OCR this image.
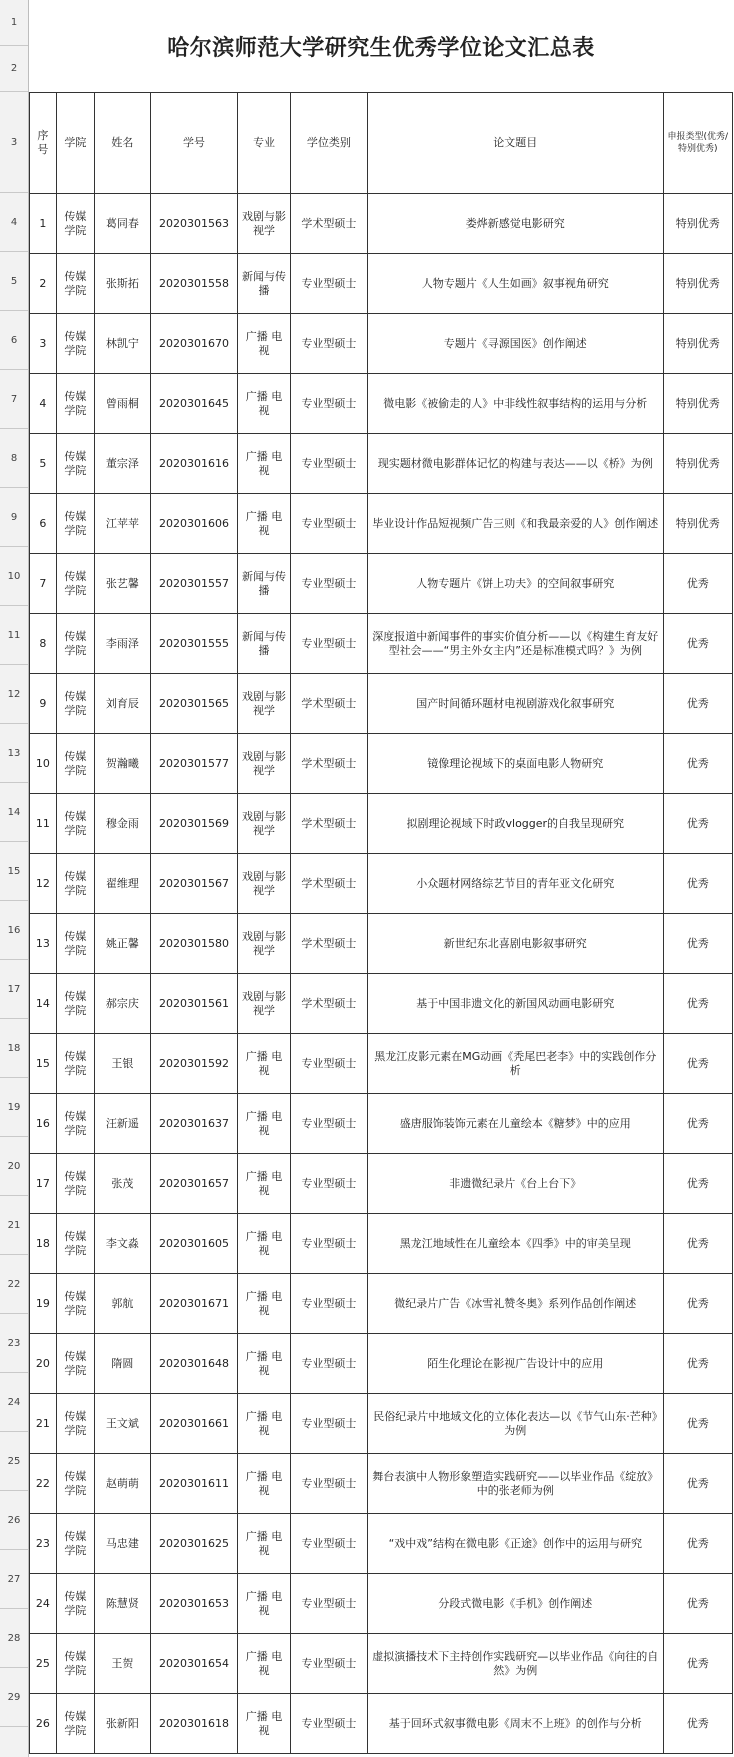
1
2
3
4
5
6
7
8
9
10
11
12
13
14
15
16
17
18
19
20
21
22
23
24
25
26
27
28
29
哈尔滨师范大学研究生优秀学位论文汇总表
序号	学院	姓名	学号	专业	学位类别	论文题目	申报类型(优秀/特别优秀)
1	传媒学院	葛同春	2020301563	戏剧与影视学	学术型硕士	娄烨新感觉电影研究	特别优秀
2	传媒学院	张斯拓	2020301558	新闻与传播	专业型硕士	人物专题片《人生如画》叙事视角研究	特别优秀
3	传媒学院	林凯宁	2020301670	广播 电视	专业型硕士	专题片《寻源国医》创作阐述	特别优秀
4	传媒学院	曾雨桐	2020301645	广播 电视	专业型硕士	微电影《被偷走的人》中非线性叙事结构的运用与分析	特别优秀
5	传媒学院	董宗泽	2020301616	广播 电视	专业型硕士	现实题材微电影群体记忆的构建与表达——以《桥》为例	特别优秀
6	传媒学院	江苹苹	2020301606	广播 电视	专业型硕士	毕业设计作品短视频广告三则《和我最亲爱的人》创作阐述	特别优秀
7	传媒学院	张艺馨	2020301557	新闻与传播	专业型硕士	人物专题片《饼上功夫》的空间叙事研究	优秀
8	传媒学院	李雨泽	2020301555	新闻与传播	专业型硕士	深度报道中新闻事件的事实价值分析——以《构建生育友好型社会——“男主外女主内”还是标准模式吗？》为例	优秀
9	传媒学院	刘育辰	2020301565	戏剧与影视学	学术型硕士	国产时间循环题材电视剧游戏化叙事研究	优秀
10	传媒学院	贺瀚曦	2020301577	戏剧与影视学	学术型硕士	镜像理论视域下的桌面电影人物研究	优秀
11	传媒学院	穆金雨	2020301569	戏剧与影视学	学术型硕士	拟剧理论视域下时政vlogger的自我呈现研究	优秀
12	传媒学院	翟维理	2020301567	戏剧与影视学	学术型硕士	小众题材网络综艺节目的青年亚文化研究	优秀
13	传媒学院	姚正馨	2020301580	戏剧与影视学	学术型硕士	新世纪东北喜剧电影叙事研究	优秀
14	传媒学院	郝宗庆	2020301561	戏剧与影视学	学术型硕士	基于中国非遗文化的新国风动画电影研究	优秀
15	传媒学院	王银	2020301592	广播 电视	专业型硕士	黑龙江皮影元素在MG动画《秃尾巴老李》中的实践创作分析	优秀
16	传媒学院	汪新遥	2020301637	广播 电视	专业型硕士	盛唐服饰装饰元素在儿童绘本《糖梦》中的应用	优秀
17	传媒学院	张茂	2020301657	广播 电视	专业型硕士	非遗微纪录片《台上台下》	优秀
18	传媒学院	李文淼	2020301605	广播 电视	专业型硕士	黑龙江地域性在儿童绘本《四季》中的审美呈现	优秀
19	传媒学院	郭航	2020301671	广播 电视	专业型硕士	微纪录片广告《冰雪礼赞冬奥》系列作品创作阐述	优秀
20	传媒学院	隋圆	2020301648	广播 电视	专业型硕士	陌生化理论在影视广告设计中的应用	优秀
21	传媒学院	王文斌	2020301661	广播 电视	专业型硕士	民俗纪录片中地域文化的立体化表达—以《节气山东·芒种》为例	优秀
22	传媒学院	赵萌萌	2020301611	广播 电视	专业型硕士	舞台表演中人物形象塑造实践研究——以毕业作品《绽放》中的张老师为例	优秀
23	传媒学院	马忠建	2020301625	广播 电视	专业型硕士	“戏中戏”结构在微电影《正途》创作中的运用与研究	优秀
24	传媒学院	陈慧贤	2020301653	广播 电视	专业型硕士	分段式微电影《手机》创作阐述	优秀
25	传媒学院	王贺	2020301654	广播 电视	专业型硕士	虚拟演播技术下主持创作实践研究—以毕业作品《向往的自然》为例	优秀
26	传媒学院	张新阳	2020301618	广播 电视	专业型硕士	基于回环式叙事微电影《周末不上班》的创作与分析	优秀
